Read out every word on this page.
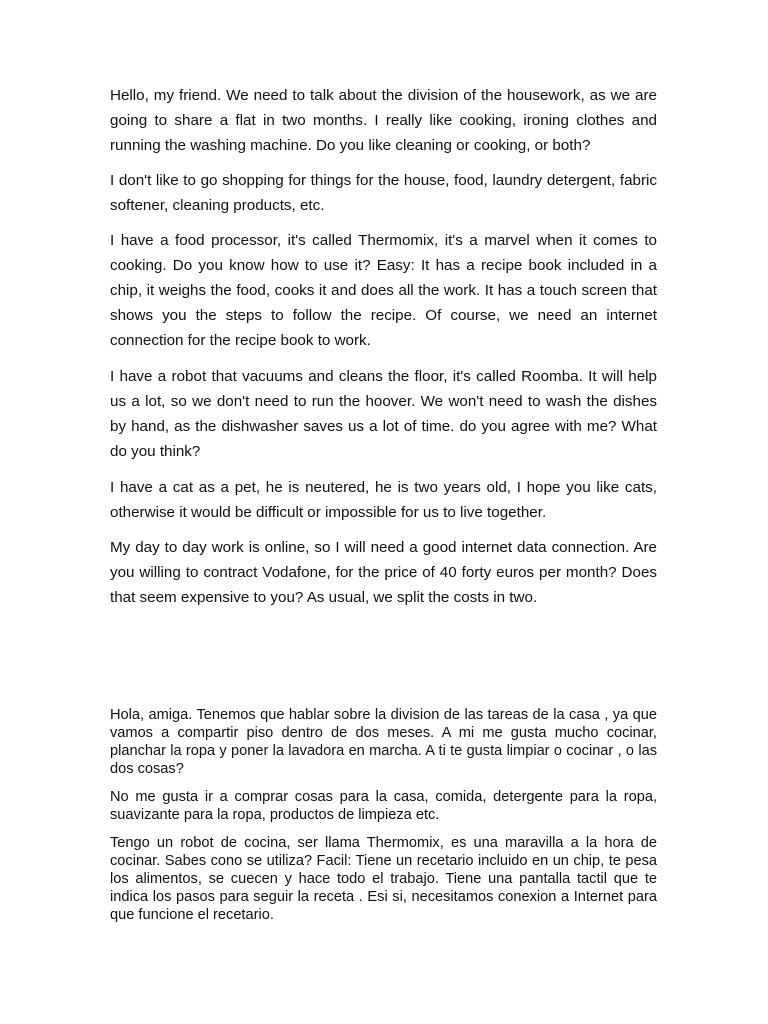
Hello, my friend. We need to talk about the division of the housework, as we are going to share a flat in two months. I really like cooking, ironing clothes and running the washing machine. Do you like cleaning or cooking, or both?

I don't like to go shopping for things for the house, food, laundry detergent, fabric softener, cleaning products, etc.

I have a food processor, it's called Thermomix, it's a marvel when it comes to cooking. Do you know how to use it? Easy: It has a recipe book included in a chip, it weighs the food, cooks it and does all the work. It has a touch screen that shows you the steps to follow the recipe. Of course, we need an internet connection for the recipe book to work.

I have a robot that vacuums and cleans the floor, it's called Roomba. It will help us a lot, so we don't need to run the hoover. We won't need to wash the dishes by hand, as the dishwasher saves us a lot of time. do you agree with me? What do you think?

I have a cat as a pet, he is neutered, he is two years old, I hope you like cats, otherwise it would be difficult or impossible for us to live together.

My day to day work is online, so I will need a good internet data connection. Are you willing to contract Vodafone, for the price of 40 forty euros per month? Does that seem expensive to you? As usual, we split the costs in two.

Hola, amiga. Tenemos que hablar sobre la division de las tareas de la casa , ya que vamos a compartir piso dentro de dos meses. A mi me gusta mucho cocinar, planchar la ropa y poner la lavadora en marcha. A ti te gusta limpiar o cocinar , o las dos cosas?

No me gusta ir a comprar cosas para la casa, comida, detergente para la ropa, suavizante para la ropa, productos de limpieza etc.

Tengo un robot de cocina, ser llama Thermomix, es una maravilla a la hora de cocinar. Sabes cono se utiliza? Facil: Tiene un recetario incluido en un chip, te pesa los alimentos, se cuecen y hace todo el trabajo. Tiene una pantalla tactil que te indica los pasos para seguir la receta . Esi si, necesitamos conexion a Internet para que funcione el recetario.
